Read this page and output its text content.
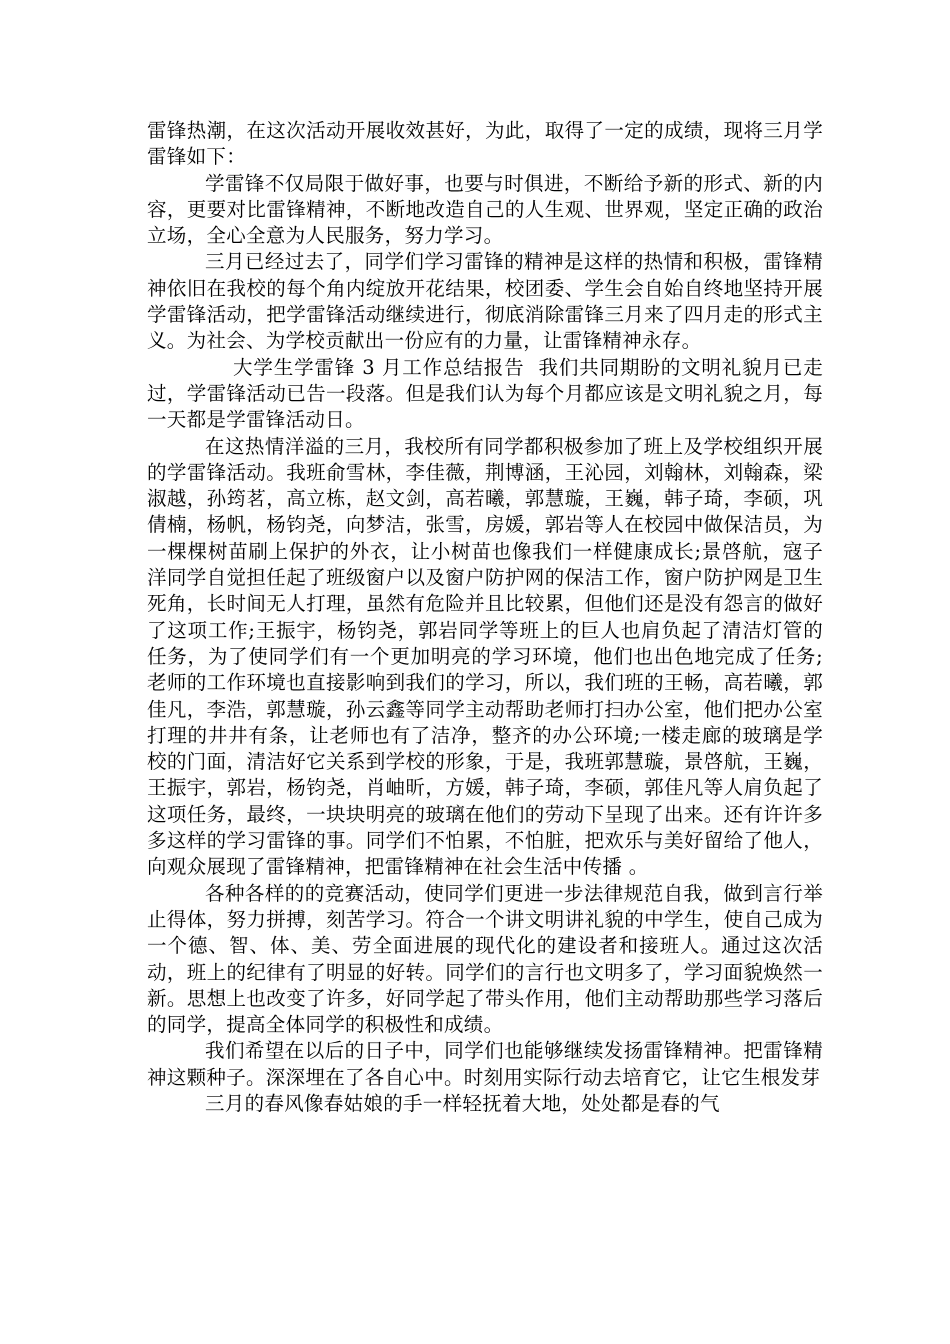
雷锋热潮，在这次活动开展收效甚好，为此，取得了一定的成绩，现将三月学雷锋如下：

学雷锋不仅局限于做好事，也要与时俱进，不断给予新的形式、新的内容，更要对比雷锋精神，不断地改造自己的人生观、世界观，坚定正确的政治立场，全心全意为人民服务，努力学习。

三月已经过去了，同学们学习雷锋的精神是这样的热情和积极，雷锋精神依旧在我校的每个角内绽放开花结果，校团委、学生会自始自终地坚持开展学雷锋活动，把学雷锋活动继续进行，彻底消除雷锋三月来了四月走的形式主义。为社会、为学校贡献出一份应有的力量，让雷锋精神永存。

大学生学雷锋 3 月工作总结报告  我们共同期盼的文明礼貌月已走过，学雷锋活动已告一段落。但是我们认为每个月都应该是文明礼貌之月，每一天都是学雷锋活动日。

在这热情洋溢的三月，我校所有同学都积极参加了班上及学校组织开展的学雷锋活动。我班俞雪林，李佳薇，荆博涵，王沁园，刘翰林，刘翰森，梁淑越，孙筠茗，高立栋，赵文剑，高若曦，郭慧璇，王巍，韩子琦，李硕，巩倩楠，杨帆，杨钧尧，向梦洁，张雪，房媛，郭岩等人在校园中做保洁员，为一棵棵树苗刷上保护的外衣，让小树苗也像我们一样健康成长;景啓航，寇子洋同学自觉担任起了班级窗户以及窗户防护网的保洁工作，窗户防护网是卫生死角，长时间无人打理，虽然有危险并且比较累，但他们还是没有怨言的做好了这项工作;王振宇，杨钧尧，郭岩同学等班上的巨人也肩负起了清洁灯管的任务，为了使同学们有一个更加明亮的学习环境，他们也出色地完成了任务;老师的工作环境也直接影响到我们的学习，所以，我们班的王畅，高若曦，郭佳凡，李浩，郭慧璇，孙云鑫等同学主动帮助老师打扫办公室，他们把办公室打理的井井有条，让老师也有了洁净，整齐的办公环境;一楼走廊的玻璃是学校的门面，清洁好它关系到学校的形象，于是，我班郭慧璇，景啓航，王巍，王振宇，郭岩，杨钧尧，肖岫昕，方媛，韩子琦，李硕，郭佳凡等人肩负起了这项任务，最终，一块块明亮的玻璃在他们的劳动下呈现了出来。还有许许多多这样的学习雷锋的事。同学们不怕累，不怕脏，把欢乐与美好留给了他人，向观众展现了雷锋精神，把雷锋精神在社会生活中传播 。

各种各样的的竞赛活动，使同学们更进一步法律规范自我，做到言行举止得体，努力拼搏，刻苦学习。符合一个讲文明讲礼貌的中学生，使自己成为一个德、智、体、美、劳全面进展的现代化的建设者和接班人。通过这次活动，班上的纪律有了明显的好转。同学们的言行也文明多了，学习面貌焕然一新。思想上也改变了许多，好同学起了带头作用，他们主动帮助那些学习落后的同学，提高全体同学的积极性和成绩。

我们希望在以后的日子中，同学们也能够继续发扬雷锋精神。把雷锋精神这颗种子。深深埋在了各自心中。时刻用实际行动去培育它，让它生根发芽

三月的春风像春姑娘的手一样轻抚着大地，处处都是春的气
